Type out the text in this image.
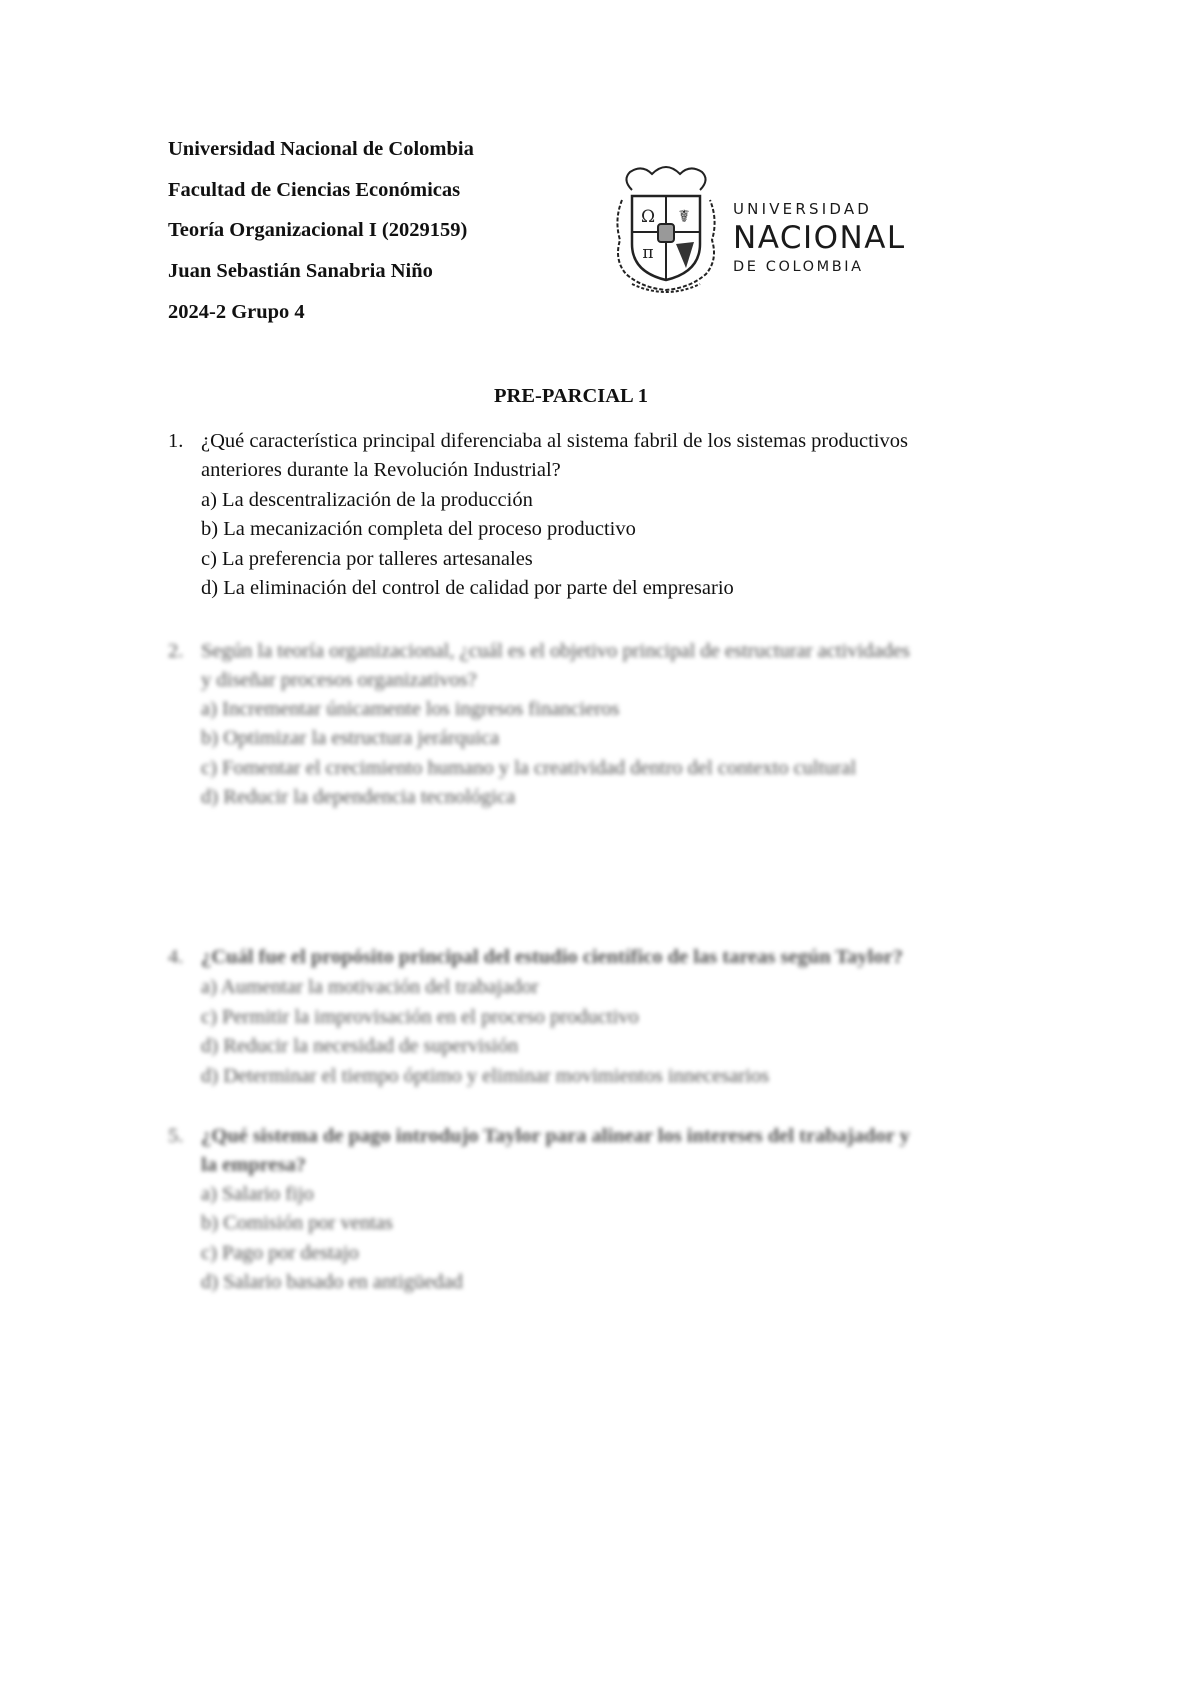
Universidad Nacional de Colombia
Facultad de Ciencias Económicas
Teoría Organizacional I (2029159)
Juan Sebastián Sanabria Niño
2024-2 Grupo 4
Ω ☤
π
UNIVERSIDAD
NACIONAL
DE COLOMBIA
PRE-PARCIAL 1
1. ¿Qué característica principal diferenciaba al sistema fabril de los sistemas productivos
anteriores durante la Revolución Industrial?
a) La descentralización de la producción
b) La mecanización completa del proceso productivo
c) La preferencia por talleres artesanales
d) La eliminación del control de calidad por parte del empresario
2. Según la teoría organizacional, ¿cuál es el objetivo principal de estructurar actividades
y diseñar procesos organizativos?
a) Incrementar únicamente los ingresos financieros
b) Optimizar la estructura jerárquica
c) Fomentar el crecimiento humano y la creatividad dentro del contexto cultural
d) Reducir la dependencia tecnológica
4. ¿Cuál fue el propósito principal del estudio científico de las tareas según Taylor?
a) Aumentar la motivación del trabajador
c) Permitir la improvisación en el proceso productivo
d) Reducir la necesidad de supervisión
d) Determinar el tiempo óptimo y eliminar movimientos innecesarios
5. ¿Qué sistema de pago introdujo Taylor para alinear los intereses del trabajador y
la empresa?
a) Salario fijo
b) Comisión por ventas
c) Pago por destajo
d) Salario basado en antigüedad
